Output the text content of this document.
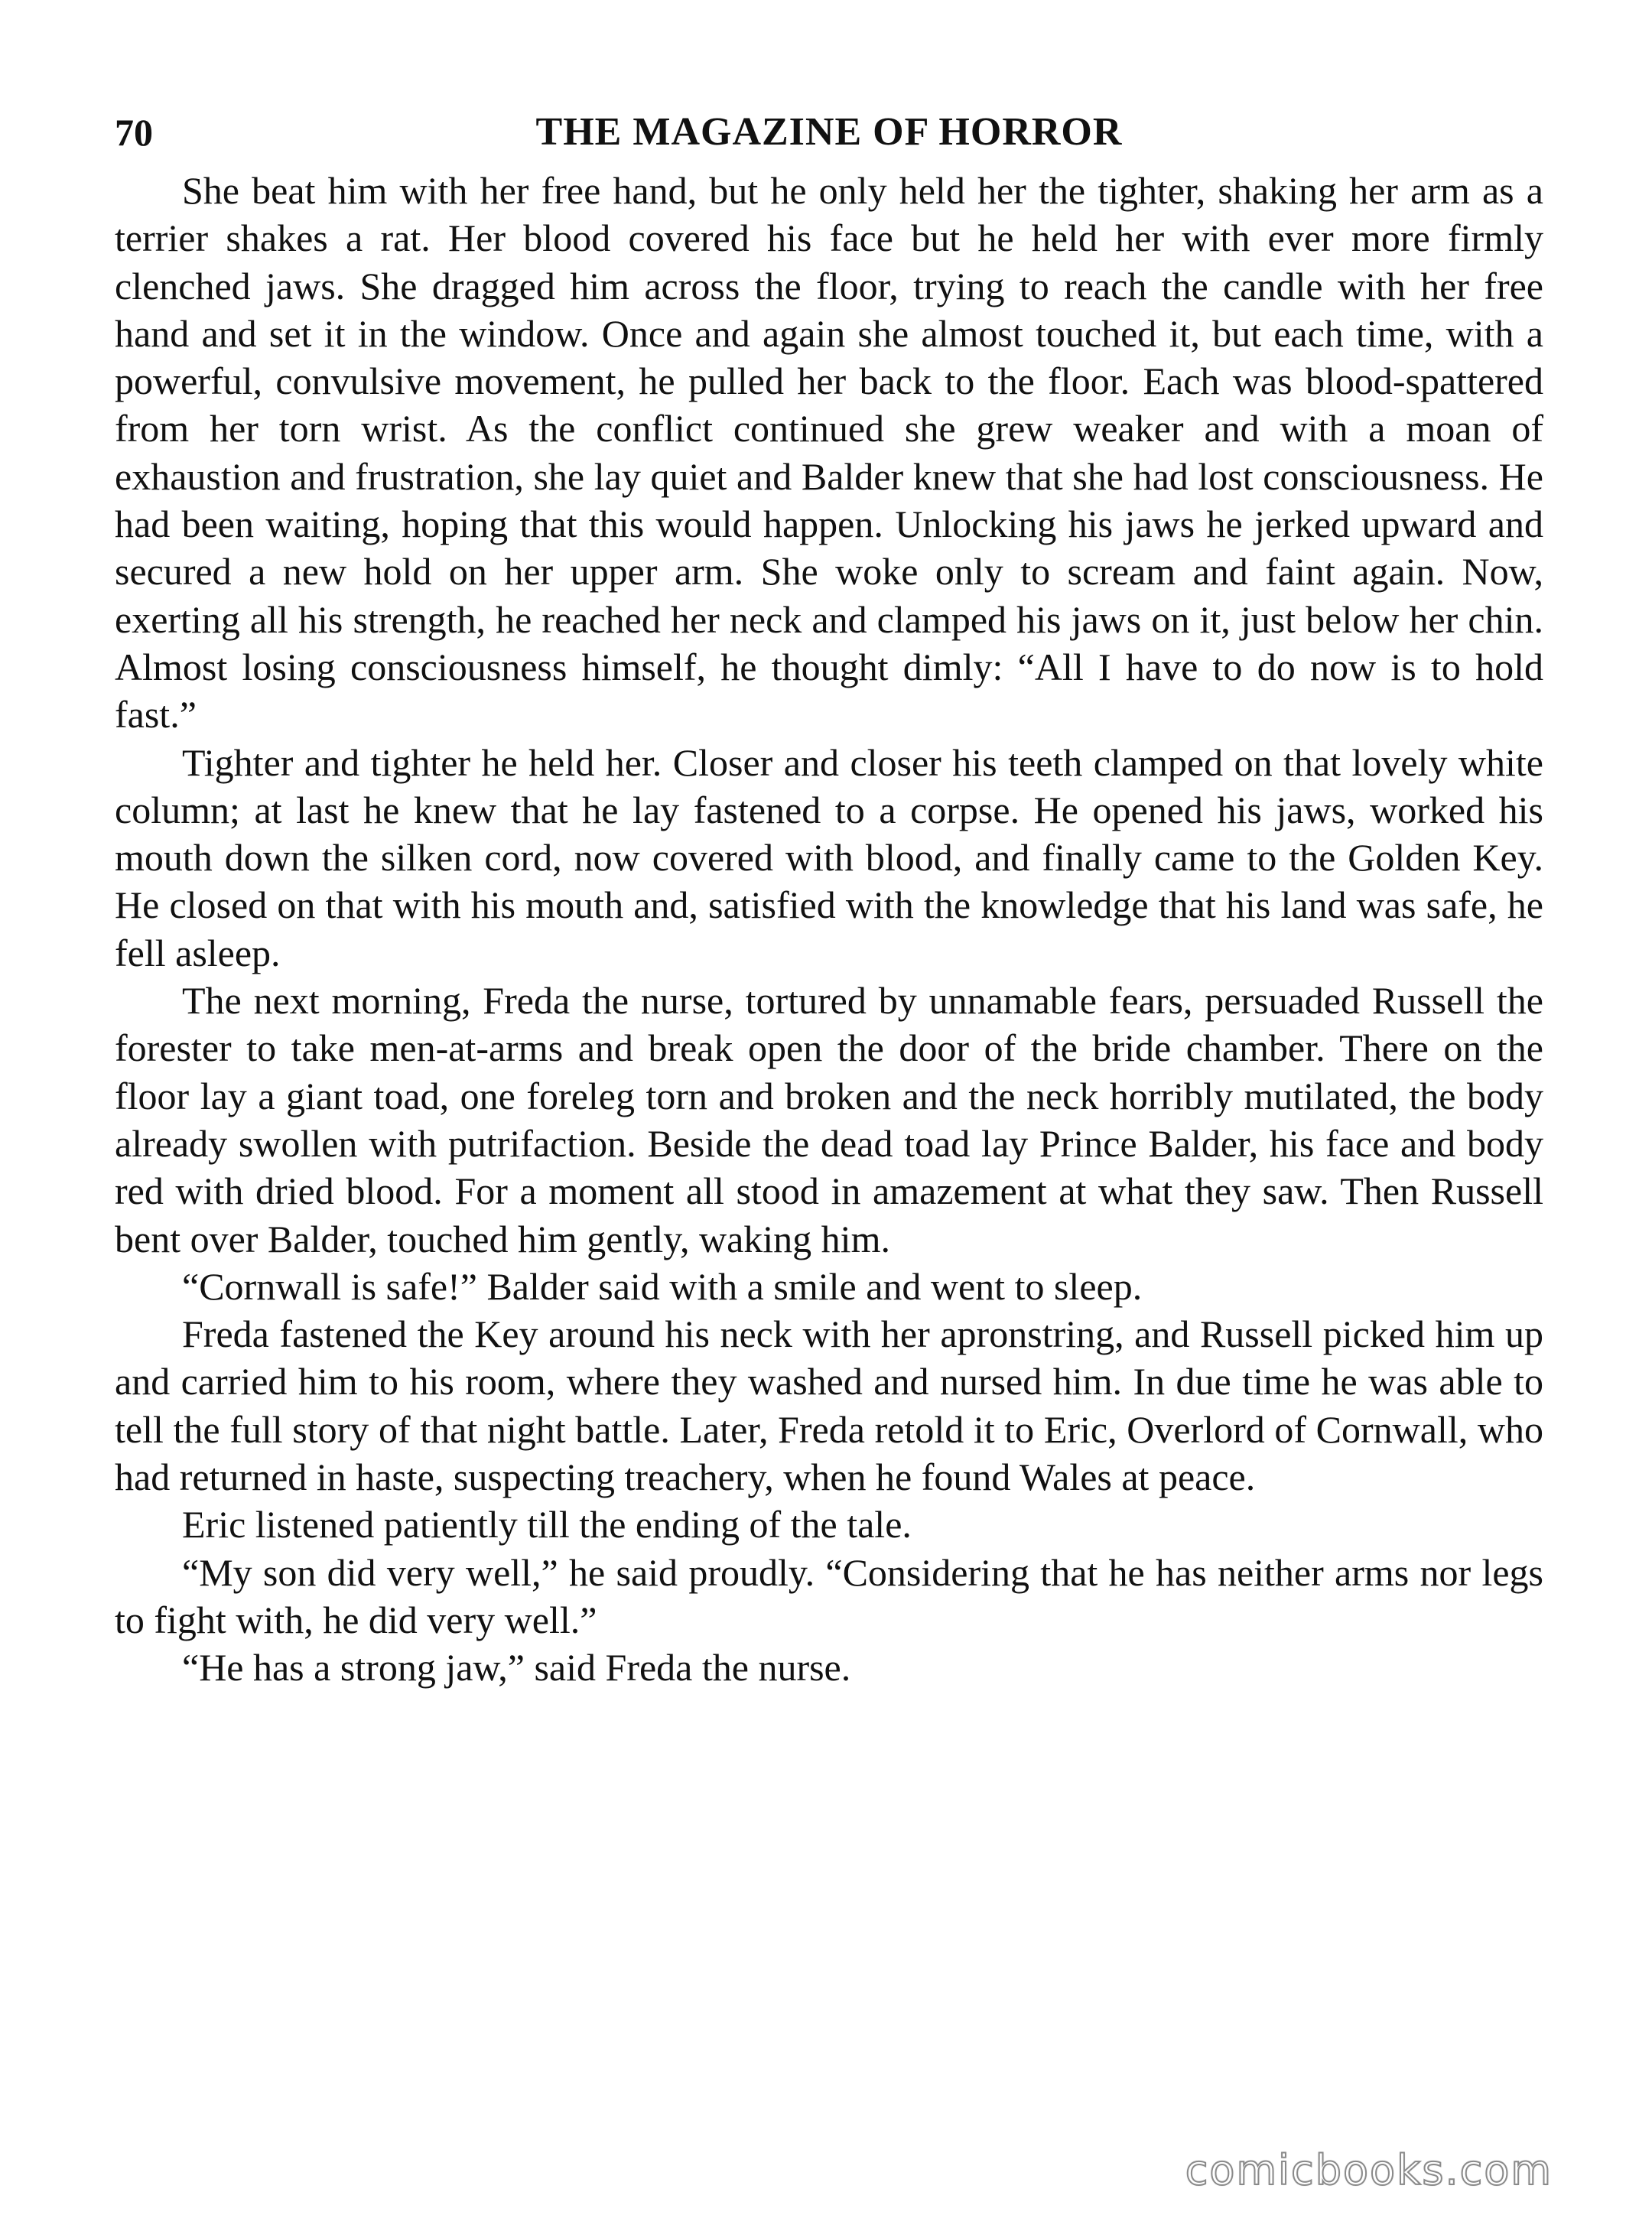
70	THE MAGAZINE OF HORROR

She beat him with her free hand, but he only held her the tighter, shaking her arm as a terrier shakes a rat. Her blood covered his face but he held her with ever more firmly clenched jaws. She dragged him across the floor, trying to reach the candle with her free hand and set it in the window. Once and again she almost touched it, but each time, with a powerful, convulsive movement, he pulled her back to the floor. Each was blood-spattered from her torn wrist. As the conflict continued she grew weaker and with a moan of exhaustion and frustration, she lay quiet and Balder knew that she had lost consciousness. He had been waiting, hoping that this would happen. Unlocking his jaws he jerked upward and secured a new hold on her upper arm. She woke only to scream and faint again. Now, exerting all his strength, he reached her neck and clamped his jaws on it, just below her chin. Almost losing consciousness himself, he thought dimly: “All I have to do now is to hold fast.”

Tighter and tighter he held her. Closer and closer his teeth clamped on that lovely white column; at last he knew that he lay fastened to a corpse. He opened his jaws, worked his mouth down the silken cord, now covered with blood, and finally came to the Golden Key. He closed on that with his mouth and, satisfied with the knowledge that his land was safe, he fell asleep.

The next morning, Freda the nurse, tortured by unnamable fears, persuaded Russell the forester to take men-at-arms and break open the door of the bride chamber. There on the floor lay a giant toad, one foreleg torn and broken and the neck horribly mutilated, the body already swollen with putrifaction. Beside the dead toad lay Prince Balder, his face and body red with dried blood. For a moment all stood in amazement at what they saw. Then Russell bent over Balder, touched him gently, waking him.

“Cornwall is safe!” Balder said with a smile and went to sleep.

Freda fastened the Key around his neck with her apronstring, and Russell picked him up and carried him to his room, where they washed and nursed him. In due time he was able to tell the full story of that night battle. Later, Freda retold it to Eric, Overlord of Cornwall, who had returned in haste, suspecting treachery, when he found Wales at peace.

Eric listened patiently till the ending of the tale.

“My son did very well,” he said proudly. “Considering that he has neither arms nor legs to fight with, he did very well.”

“He has a strong jaw,” said Freda the nurse.

comicbooks.com
